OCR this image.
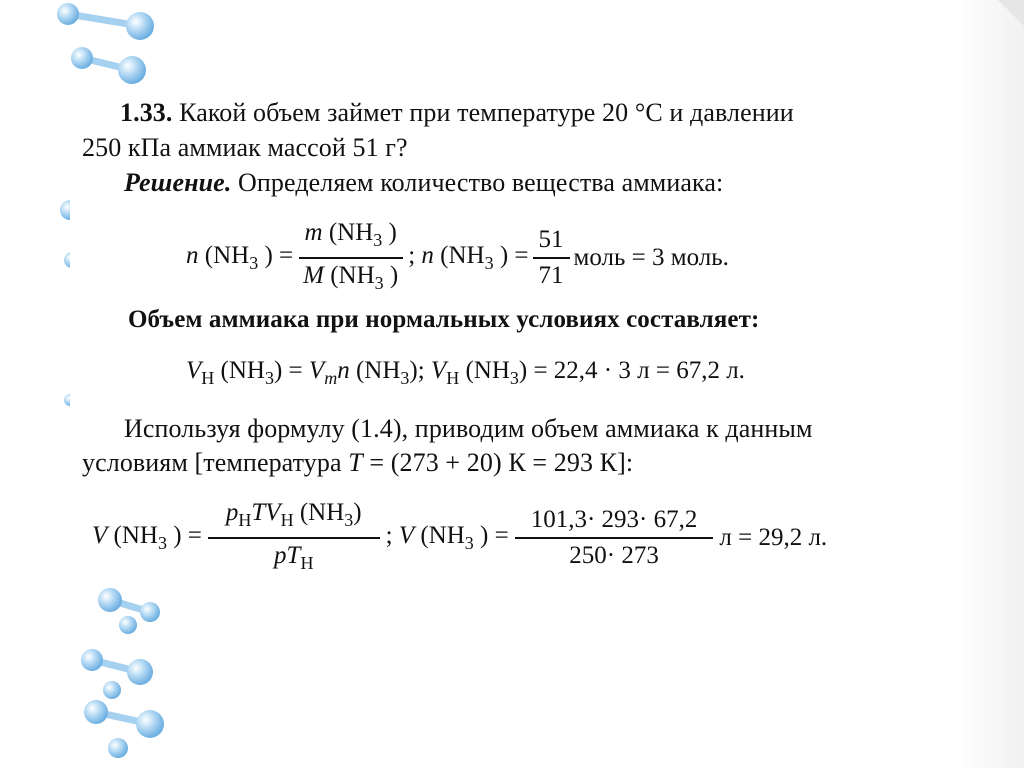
1.33. Какой объем займет при температуре 20 °С и давлении
250 кПа аммиак массой 51 г?
Решение. Определяем количество вещества аммиака:
n ($NH_3$ ) = $\frac{m (NH_3 )}{M (NH_3 )}$ ; n ($NH_3$ ) = $\frac{51}{71}$ моль = 3 моль.
Объем аммиака при нормальных условиях составляет:
$V_H$ $(NH_3) = V_mn$ $(NH_3)$; $V_H$ $(NH_3) = 22,4 \cdot 3$ л = 67,2 л.
Используя формулу (1.4), приводим объем аммиака к данным
условиям [температура T = (273 + 20) К = 293 К]:
V ($NH_3$ ) = $\frac{p_HTV_H (NH_3)}{pT_H}$ ; V ($NH_3$ ) = $\frac{101,3\cdot 293\cdot 67,2}{250\cdot 273}$ л = 29,2 л.
